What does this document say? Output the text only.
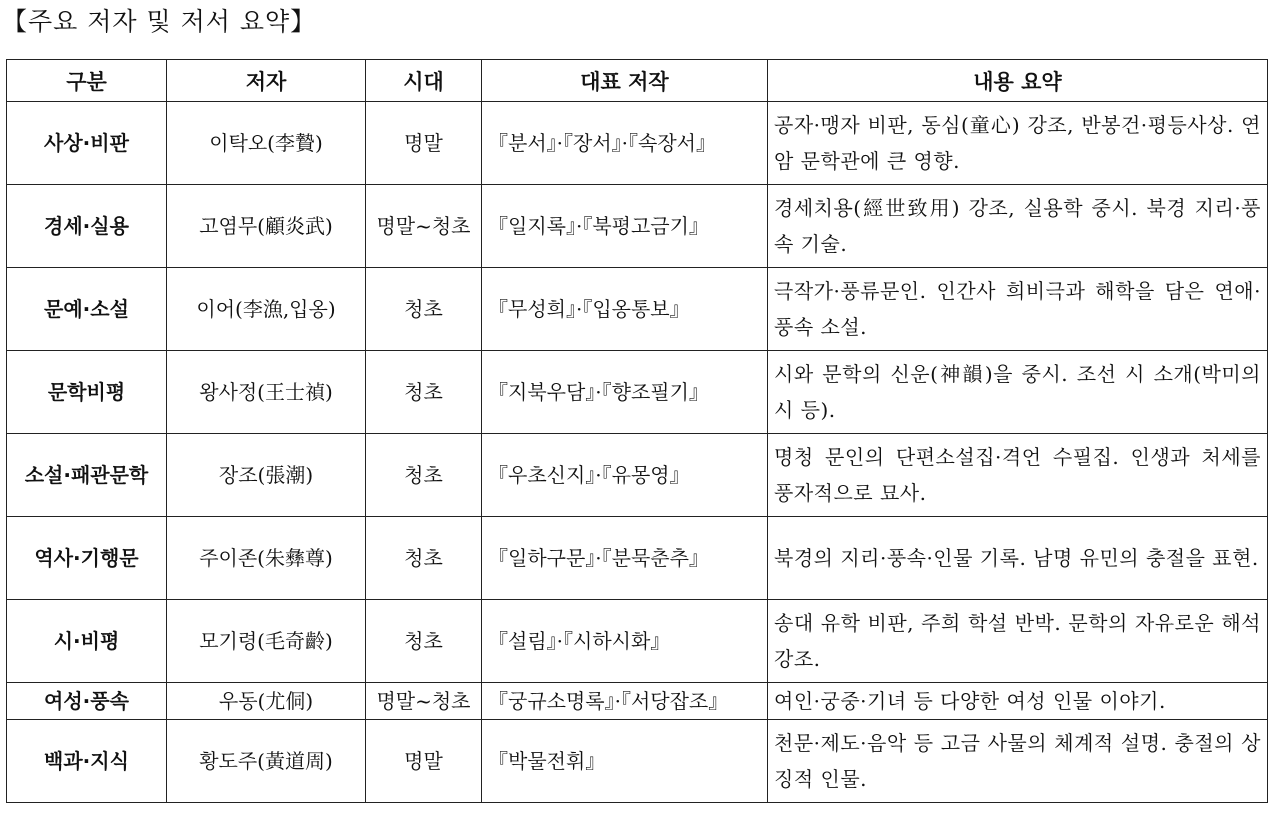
【주요 저자 및 저서 요약】
구분	저자	시대	대표 저작	내용 요약
사상·비판	이탁오(李贄)	명말	『분서』·『장서』·『속장서』	공자·맹자 비판, 동심(童心) 강조, 반봉건·평등사상. 연암 문학관에 큰 영향.
경세·실용	고염무(顧炎武)	명말~청초	『일지록』·『북평고금기』	경세치용(經世致用) 강조, 실용학 중시. 북경 지리·풍속 기술.
문예·소설	이어(李漁,입옹)	청초	『무성희』·『입옹통보』	극작가·풍류문인. 인간사 희비극과 해학을 담은 연애·풍속 소설.
문학비평	왕사정(王士禎)	청초	『지북우담』·『향조필기』	시와 문학의 신운(神韻)을 중시. 조선 시 소개(박미의 시 등).
소설·패관문학	장조(張潮)	청초	『우초신지』·『유몽영』	명청 문인의 단편소설집·격언 수필집. 인생과 처세를 풍자적으로 묘사.
역사·기행문	주이존(朱彝尊)	청초	『일하구문』·『분묵춘추』	북경의 지리·풍속·인물 기록. 남명 유민의 충절을 표현.
시·비평	모기령(毛奇齡)	청초	『설림』·『시하시화』	송대 유학 비판, 주희 학설 반박. 문학의 자유로운 해석 강조.
여성·풍속	우동(尤侗)	명말~청초	『궁규소명록』·『서당잡조』	여인·궁중·기녀 등 다양한 여성 인물 이야기.
백과·지식	황도주(黃道周)	명말	『박물전휘』	천문·제도·음악 등 고금 사물의 체계적 설명. 충절의 상징적 인물.
